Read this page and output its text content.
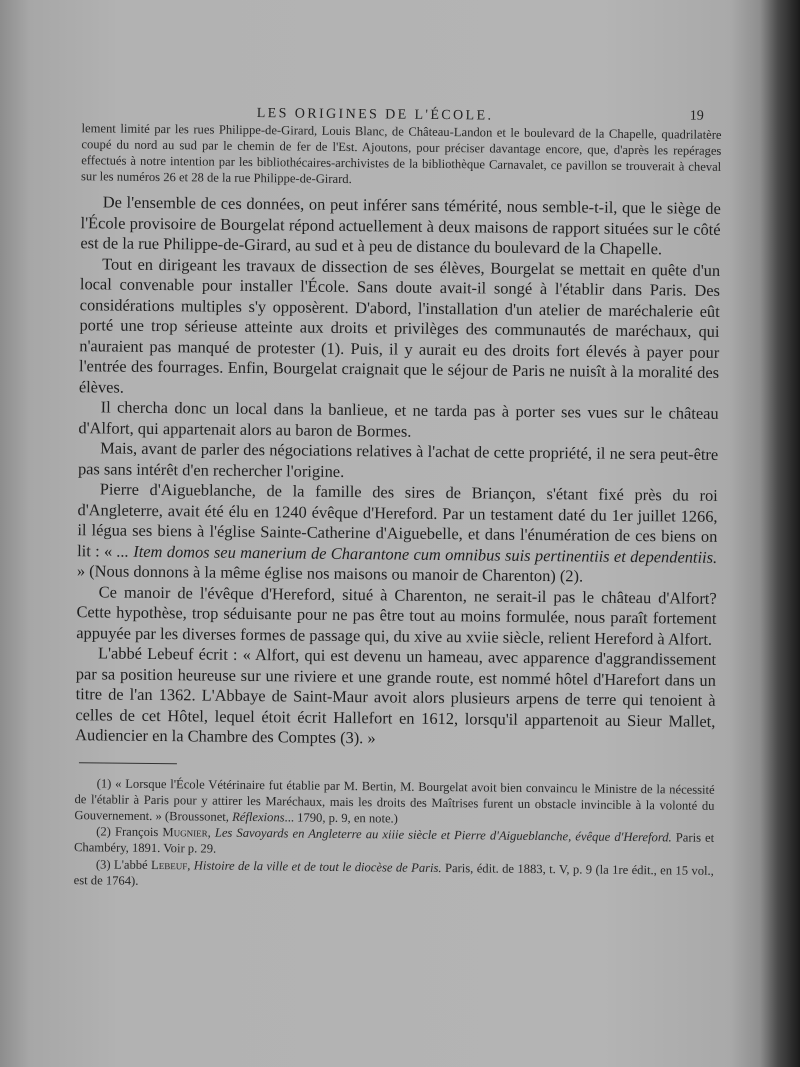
LES ORIGINES DE L'ÉCOLE.	19

lement limité par les rues Philippe-de-Girard, Louis Blanc, de Château-Landon et le boulevard de la Chapelle, quadrilatère coupé du nord au sud par le chemin de fer de l'Est. Ajoutons, pour préciser davantage encore, que, d'après les repérages effectués à notre intention par les bibliothécaires-archivistes de la bibliothèque Carnavalet, ce pavillon se trouverait à cheval sur les numéros 26 et 28 de la rue Philippe-de-Girard.

De l'ensemble de ces données, on peut inférer sans témérité, nous semble-t-il, que le siège de l'École provisoire de Bourgelat répond actuellement à deux maisons de rapport situées sur le côté est de la rue Philippe-de-Girard, au sud et à peu de distance du boulevard de la Chapelle.

Tout en dirigeant les travaux de dissection de ses élèves, Bourgelat se mettait en quête d'un local convenable pour installer l'École. Sans doute avait-il songé à l'établir dans Paris. Des considérations multiples s'y opposèrent. D'abord, l'installation d'un atelier de maréchalerie eût porté une trop sérieuse atteinte aux droits et privilèges des communautés de maréchaux, qui n'auraient pas manqué de protester (1). Puis, il y aurait eu des droits fort élevés à payer pour l'entrée des fourrages. Enfin, Bourgelat craignait que le séjour de Paris ne nuisît à la moralité des élèves.

Il chercha donc un local dans la banlieue, et ne tarda pas à porter ses vues sur le château d'Alfort, qui appartenait alors au baron de Bormes.

Mais, avant de parler des négociations relatives à l'achat de cette propriété, il ne sera peut-être pas sans intérêt d'en rechercher l'origine.

Pierre d'Aigueblanche, de la famille des sires de Briançon, s'étant fixé près du roi d'Angleterre, avait été élu en 1240 évêque d'Hereford. Par un testament daté du 1er juillet 1266, il légua ses biens à l'église Sainte-Catherine d'Aiguebelle, et dans l'énumération de ces biens on lit : « ... Item domos seu manerium de Charantone cum omnibus suis pertinentiis et dependentiis. » (Nous donnons à la même église nos maisons ou manoir de Charenton) (2).

Ce manoir de l'évêque d'Hereford, situé à Charenton, ne serait-il pas le château d'Alfort? Cette hypothèse, trop séduisante pour ne pas être tout au moins formulée, nous paraît fortement appuyée par les diverses formes de passage qui, du xive au xviie siècle, relient Hereford à Alfort.

L'abbé Lebeuf écrit : « Alfort, qui est devenu un hameau, avec apparence d'aggrandissement par sa position heureuse sur une riviere et une grande route, est nommé hôtel d'Harefort dans un titre de l'an 1362. L'Abbaye de Saint-Maur avoit alors plusieurs arpens de terre qui tenoient à celles de cet Hôtel, lequel étoit écrit Hallefort en 1612, lorsqu'il appartenoit au Sieur Mallet, Audiencier en la Chambre des Comptes (3). »

(1) « Lorsque l'École Vétérinaire fut établie par M. Bertin, M. Bourgelat avoit bien convaincu le Ministre de la nécessité de l'établir à Paris pour y attirer les Maréchaux, mais les droits des Maîtrises furent un obstacle invincible à la volonté du Gouvernement. » (Broussonet, Réflexions... 1790, p. 9, en note.)

(2) François Mugnier, Les Savoyards en Angleterre au xiiie siècle et Pierre d'Aigueblanche, évêque d'Hereford. Paris et Chambéry, 1891. Voir p. 29.

(3) L'abbé Lebeuf, Histoire de la ville et de tout le diocèse de Paris. Paris, édit. de 1883, t. V, p. 9 (la 1re édit., en 15 vol., est de 1764).
